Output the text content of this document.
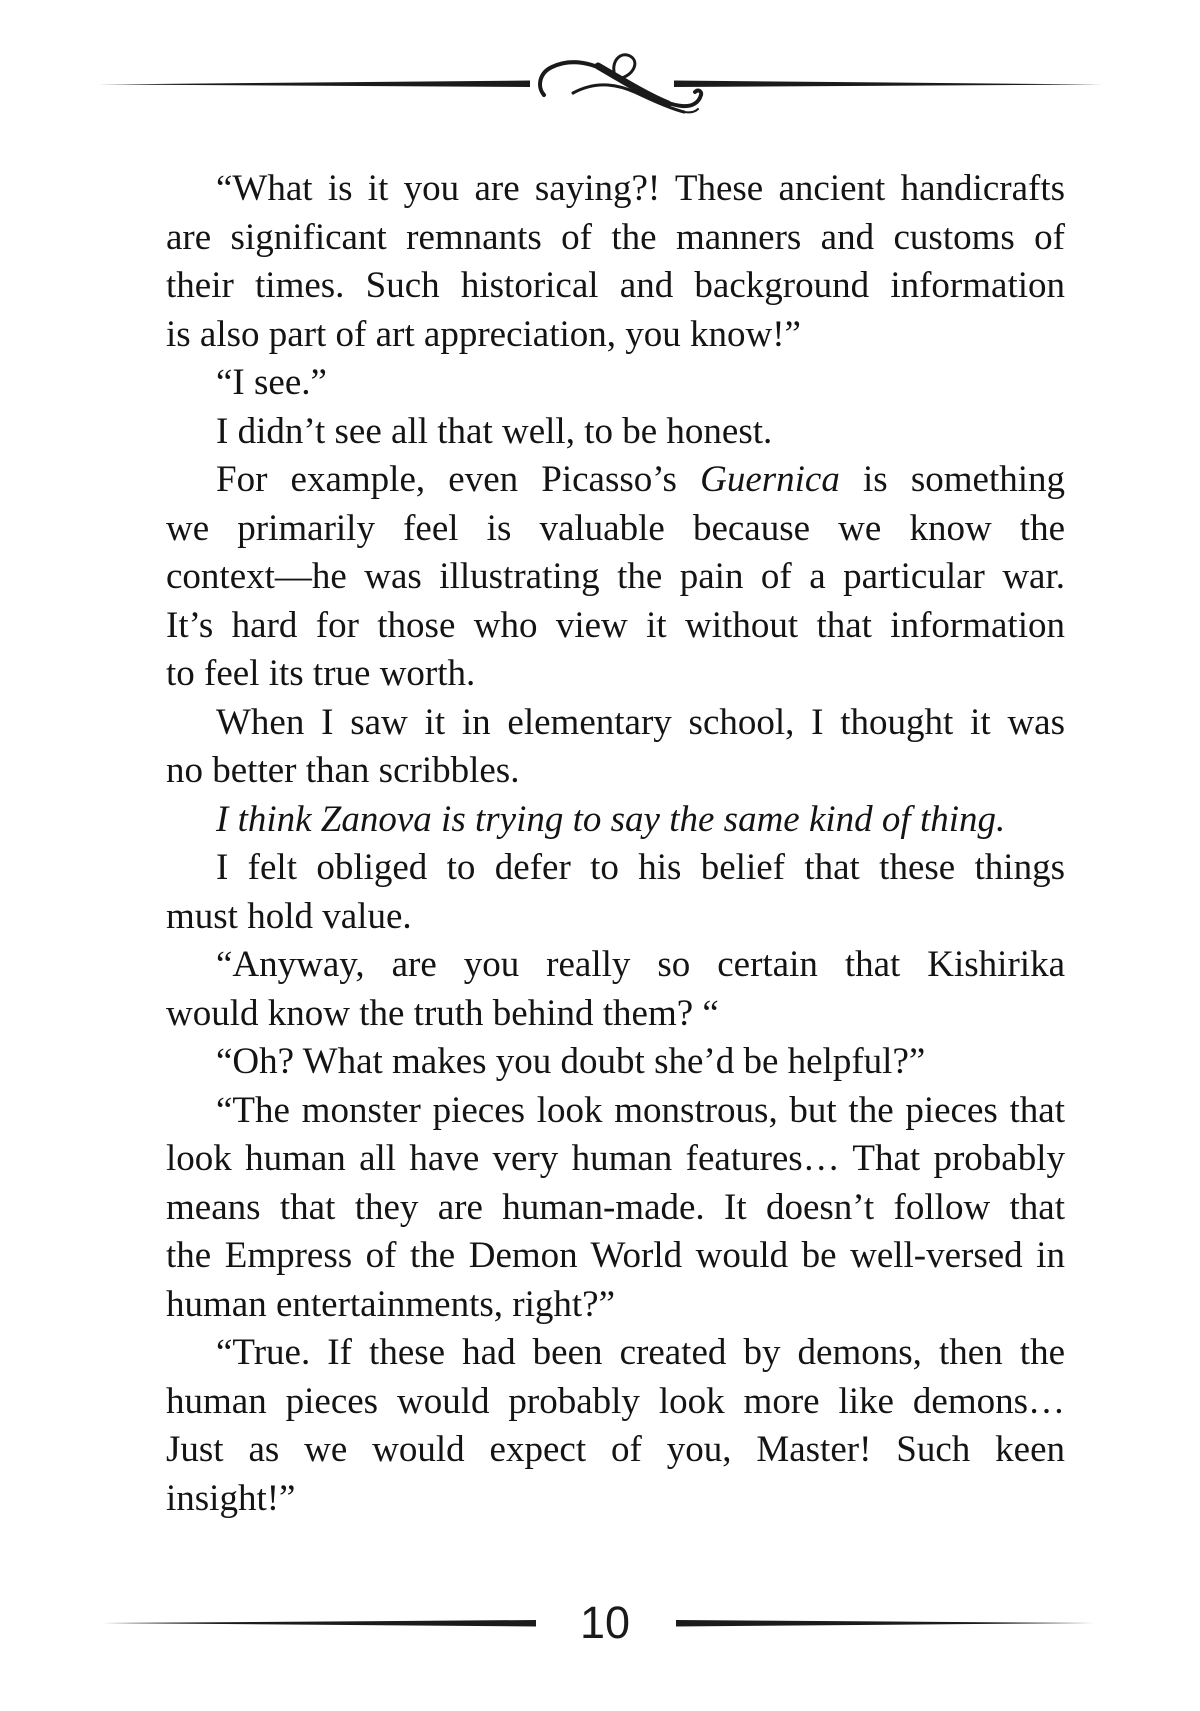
“What is it you are saying?! These ancient handicrafts
are significant remnants of the manners and customs of
their times. Such historical and background information
is also part of art appreciation, you know!”
“I see.”
I didn’t see all that well, to be honest.
For example, even Picasso’s Guernica is something
we primarily feel is valuable because we know the
context—he was illustrating the pain of a particular war.
It’s hard for those who view it without that information
to feel its true worth.
When I saw it in elementary school, I thought it was
no better than scribbles.
I think Zanova is trying to say the same kind of thing.
I felt obliged to defer to his belief that these things
must hold value.
“Anyway, are you really so certain that Kishirika
would know the truth behind them? “
“Oh? What makes you doubt she’d be helpful?”
“The monster pieces look monstrous, but the pieces that
look human all have very human features… That probably
means that they are human-made. It doesn’t follow that
the Empress of the Demon World would be well-versed in
human entertainments, right?”
“True. If these had been created by demons, then the
human pieces would probably look more like demons…
Just as we would expect of you, Master! Such keen
insight!”
10
